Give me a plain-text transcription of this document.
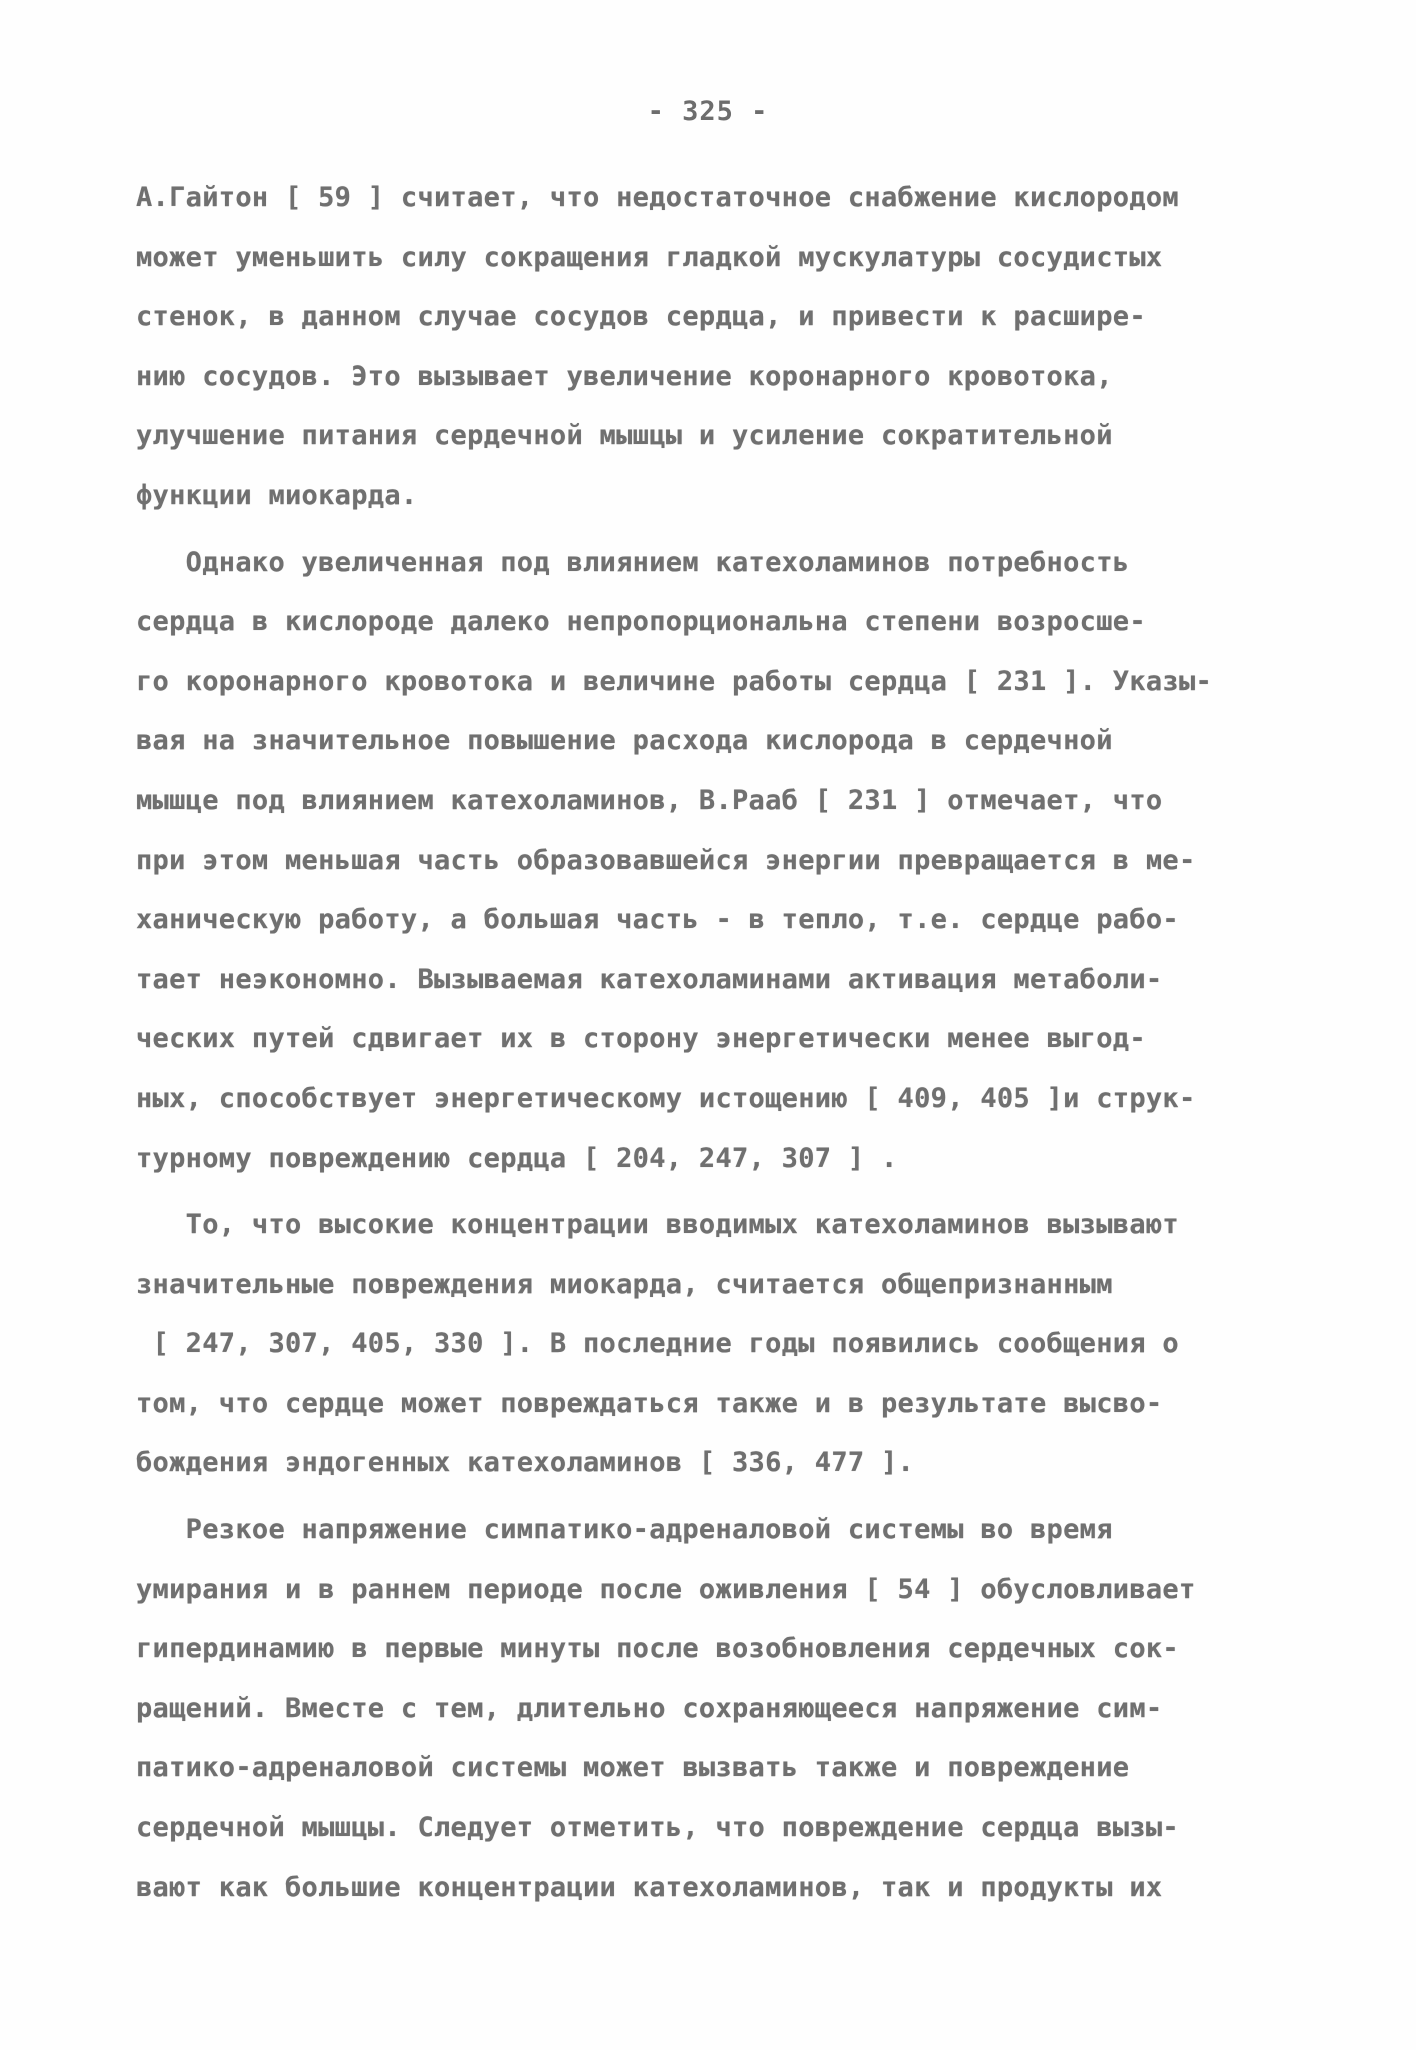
- 325 -
А.Гайтон [ 59 ] считает, что недостаточное снабжение кислородом
может уменьшить силу сокращения гладкой мускулатуры сосудистых
стенок, в данном случае сосудов сердца, и привести к расшире-
нию сосудов. Это вызывает увеличение коронарного кровотока,
улучшение питания сердечной мышцы и усиление сократительной
функции миокарда.
Однако увеличенная под влиянием катехоламинов потребность
сердца в кислороде далеко непропорциональна степени возросше-
го коронарного кровотока и величине работы сердца [ 231 ]. Указы-
вая на значительное повышение расхода кислорода в сердечной
мышце под влиянием катехоламинов, В.Рааб [ 231 ] отмечает, что
при этом меньшая часть образовавшейся энергии превращается в ме-
ханическую работу, а большая часть - в тепло, т.е. сердце рабо-
тает неэкономно. Вызываемая катехоламинами активация метаболи-
ческих путей сдвигает их в сторону энергетически менее выгод-
ных, способствует энергетическому истощению [ 409, 405 ]и струк-
турному повреждению сердца [ 204, 247, 307 ] .
То, что высокие концентрации вводимых катехоламинов вызывают
значительные повреждения миокарда, считается общепризнанным
[ 247, 307, 405, 330 ]. В последние годы появились сообщения о
том, что сердце может повреждаться также и в результате высво-
бождения эндогенных катехоламинов [ 336, 477 ].
Резкое напряжение симпатико-адреналовой системы во время
умирания и в раннем периоде после оживления [ 54 ] обусловливает
гипердинамию в первые минуты после возобновления сердечных сок-
ращений. Вместе с тем, длительно сохраняющееся напряжение сим-
патико-адреналовой системы может вызвать также и повреждение
сердечной мышцы. Следует отметить, что повреждение сердца вызы-
вают как большие концентрации катехоламинов, так и продукты их
